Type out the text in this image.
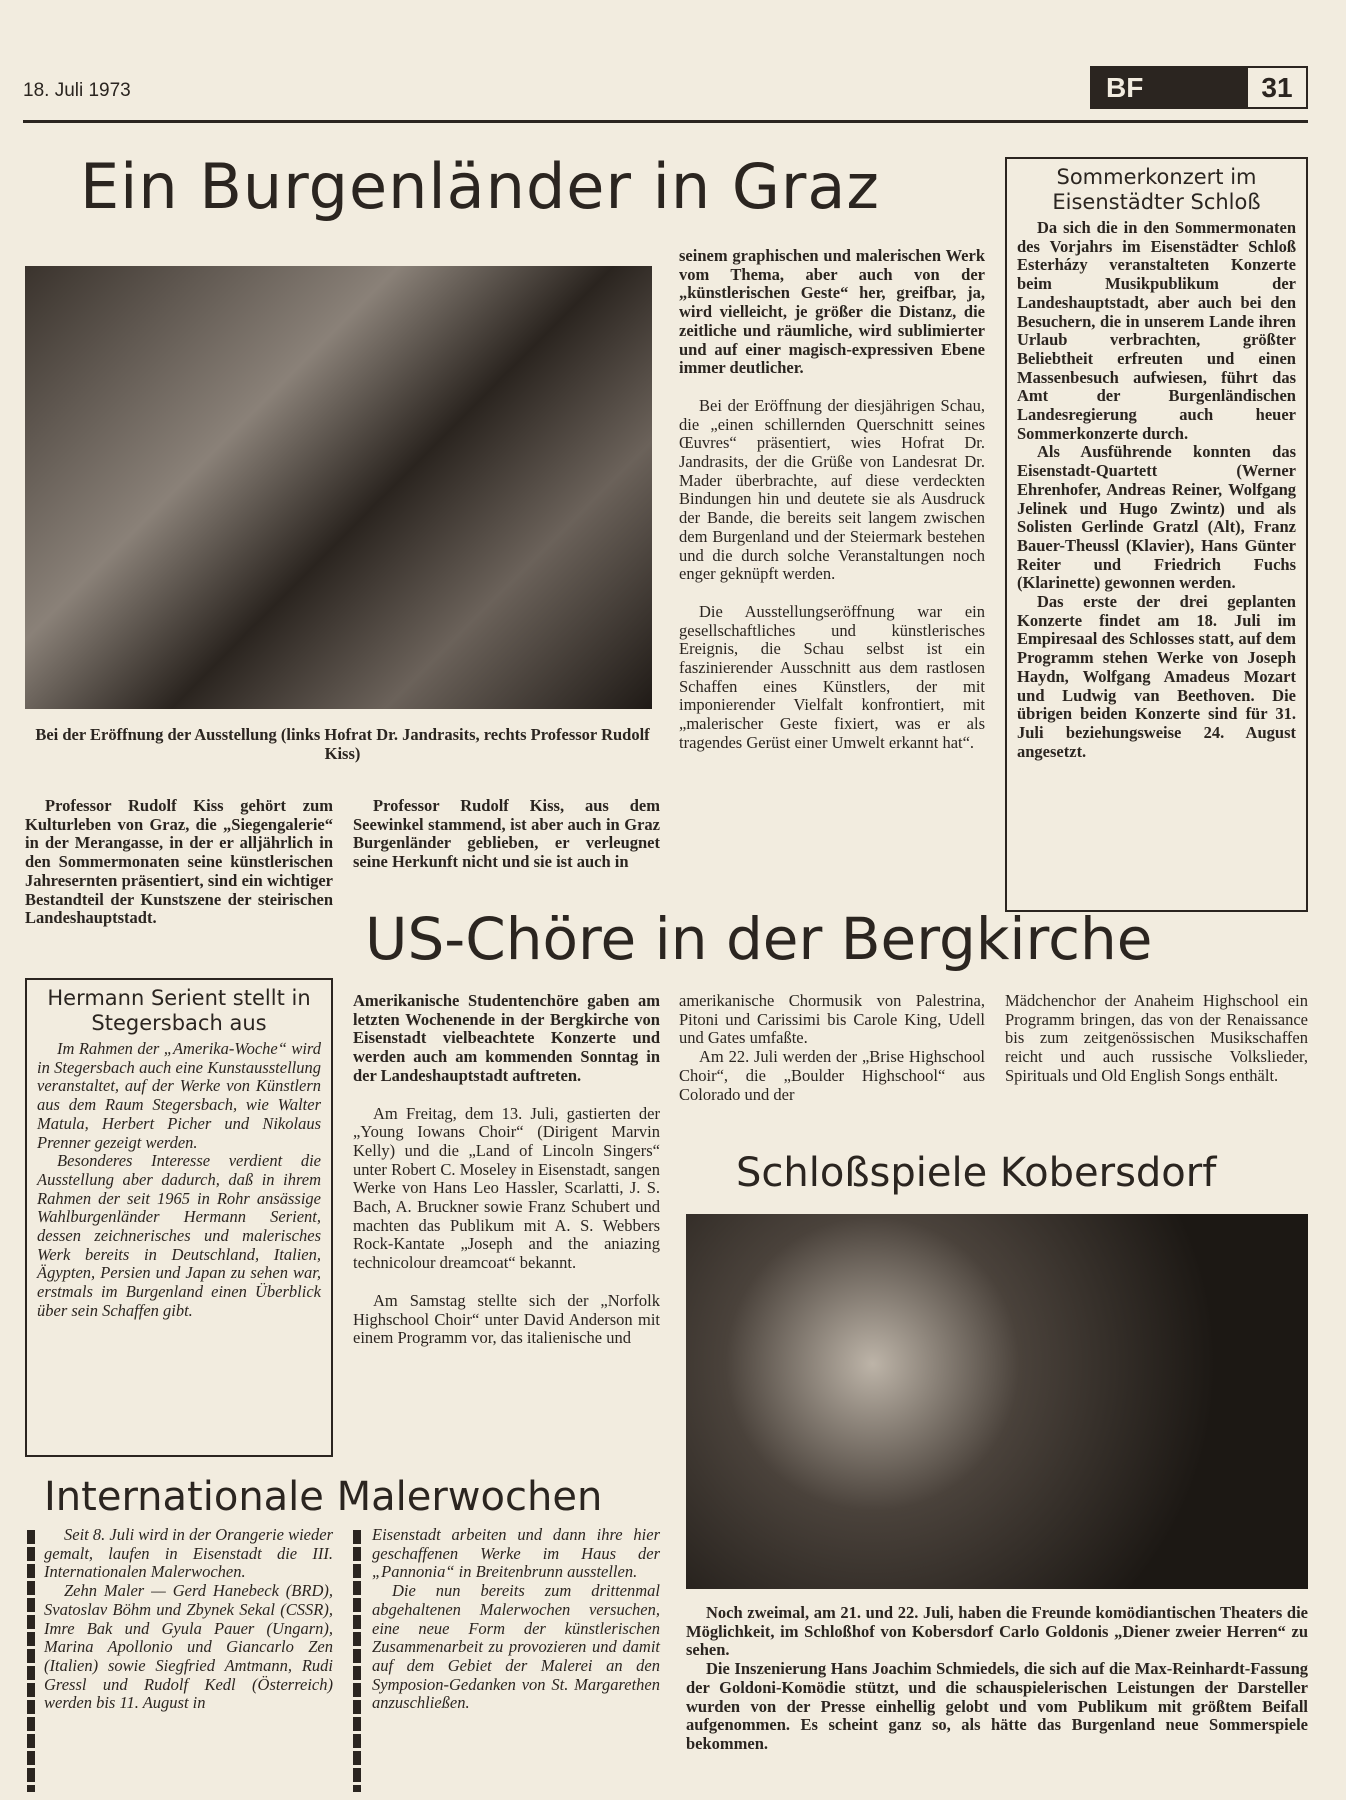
18. Juli 1973	BF	31
Ein Burgenländer in Graz
Bei der Eröffnung der Ausstellung (links Hofrat Dr. Jandrasits, rechts Professor Rudolf Kiss)

Professor Rudolf Kiss gehört zum Kulturleben von Graz, die „Siegengalerie“ in der Merangasse, in der er alljährlich in den Sommermonaten seine künstlerischen Jahresernten präsentiert, sind ein wichtiger Bestandteil der Kunstszene der steirischen Landeshauptstadt.

Professor Rudolf Kiss, aus dem Seewinkel stammend, ist aber auch in Graz Burgenländer geblieben, er verleugnet seine Herkunft nicht und sie ist auch in

seinem graphischen und malerischen Werk vom Thema, aber auch von der „künstlerischen Geste“ her, greifbar, ja, wird vielleicht, je größer die Distanz, die zeitliche und räumliche, wird sublimierter und auf einer magisch-expressiven Ebene immer deutlicher.

Bei der Eröffnung der diesjährigen Schau, die „einen schillernden Querschnitt seines Œuvres“ präsentiert, wies Hofrat Dr. Jandrasits, der die Grüße von Landesrat Dr. Mader überbrachte, auf diese verdeckten Bindungen hin und deutete sie als Ausdruck der Bande, die bereits seit langem zwischen dem Burgenland und der Steiermark bestehen und die durch solche Veranstaltungen noch enger geknüpft werden.

Die Ausstellungseröffnung war ein gesellschaftliches und künstlerisches Ereignis, die Schau selbst ist ein faszinierender Ausschnitt aus dem rastlosen Schaffen eines Künstlers, der mit imponierender Vielfalt konfrontiert, mit „malerischer Geste fixiert, was er als tragendes Gerüst einer Umwelt erkannt hat“.

Sommerkonzert im Eisenstädter Schloß

Da sich die in den Sommermonaten des Vorjahrs im Eisenstädter Schloß Esterházy veranstalteten Konzerte beim Musikpublikum der Landeshauptstadt, aber auch bei den Besuchern, die in unserem Lande ihren Urlaub verbrachten, größter Beliebtheit erfreuten und einen Massenbesuch aufwiesen, führt das Amt der Burgenländischen Landesregierung auch heuer Sommerkonzerte durch.

Als Ausführende konnten das Eisenstadt-Quartett (Werner Ehrenhofer, Andreas Reiner, Wolfgang Jelinek und Hugo Zwintz) und als Solisten Gerlinde Gratzl (Alt), Franz Bauer-Theussl (Klavier), Hans Günter Reiter und Friedrich Fuchs (Klarinette) gewonnen werden.

Das erste der drei geplanten Konzerte findet am 18. Juli im Empiresaal des Schlosses statt, auf dem Programm stehen Werke von Joseph Haydn, Wolfgang Amadeus Mozart und Ludwig van Beethoven. Die übrigen beiden Konzerte sind für 31. Juli beziehungsweise 24. August angesetzt.

US-Chöre in der Bergkirche

Amerikanische Studentenchöre gaben am letzten Wochenende in der Bergkirche von Eisenstadt vielbeachtete Konzerte und werden auch am kommenden Sonntag in der Landeshauptstadt auftreten.

Am Freitag, dem 13. Juli, gastierten der „Young Iowans Choir“ (Dirigent Marvin Kelly) und die „Land of Lincoln Singers“ unter Robert C. Moseley in Eisenstadt, sangen Werke von Hans Leo Hassler, Scarlatti, J. S. Bach, A. Bruckner sowie Franz Schubert und machten das Publikum mit A. S. Webbers Rock-Kantate „Joseph and the aniazing technicolour dreamcoat“ bekannt.

Am Samstag stellte sich der „Norfolk Highschool Choir“ unter David Anderson mit einem Programm vor, das italienische und

amerikanische Chormusik von Palestrina, Pitoni und Carissimi bis Carole King, Udell und Gates umfaßte.

Am 22. Juli werden der „Brise Highschool Choir“, die „Boulder Highschool“ aus Colorado und der

Mädchenchor der Anaheim Highschool ein Programm bringen, das von der Renaissance bis zum zeitgenössischen Musikschaffen reicht und auch russische Volkslieder, Spirituals und Old English Songs enthält.

Hermann Serient stellt in Stegersbach aus

Im Rahmen der „Amerika-Woche“ wird in Stegersbach auch eine Kunstausstellung veranstaltet, auf der Werke von Künstlern aus dem Raum Stegersbach, wie Walter Matula, Herbert Picher und Nikolaus Prenner gezeigt werden.

Besonderes Interesse verdient die Ausstellung aber dadurch, daß in ihrem Rahmen der seit 1965 in Rohr ansässige Wahlburgenländer Hermann Serient, dessen zeichnerisches und malerisches Werk bereits in Deutschland, Italien, Ägypten, Persien und Japan zu sehen war, erstmals im Burgenland einen Überblick über sein Schaffen gibt.

Schloßspiele Kobersdorf

Noch zweimal, am 21. und 22. Juli, haben die Freunde komödiantischen Theaters die Möglichkeit, im Schloßhof von Kobersdorf Carlo Goldonis „Diener zweier Herren“ zu sehen.

Die Inszenierung Hans Joachim Schmiedels, die sich auf die Max-Reinhardt-Fassung der Goldoni-Komödie stützt, und die schauspielerischen Leistungen der Darsteller wurden von der Presse einhellig gelobt und vom Publikum mit größtem Beifall aufgenommen. Es scheint ganz so, als hätte das Burgenland neue Sommerspiele bekommen.

Internationale Malerwochen

Seit 8. Juli wird in der Orangerie wieder gemalt, laufen in Eisenstadt die III. Internationalen Malerwochen.

Zehn Maler — Gerd Hanebeck (BRD), Svatoslav Böhm und Zbynek Sekal (CSSR), Imre Bak und Gyula Pauer (Ungarn), Marina Apollonio und Giancarlo Zen (Italien) sowie Siegfried Amtmann, Rudi Gressl und Rudolf Kedl (Österreich) werden bis 11. August in

Eisenstadt arbeiten und dann ihre hier geschaffenen Werke im Haus der „Pannonia“ in Breitenbrunn ausstellen.

Die nun bereits zum drittenmal abgehaltenen Malerwochen versuchen, eine neue Form der künstlerischen Zusammenarbeit zu provozieren und damit auf dem Gebiet der Malerei an den Symposion-Gedanken von St. Margarethen anzuschließen.
